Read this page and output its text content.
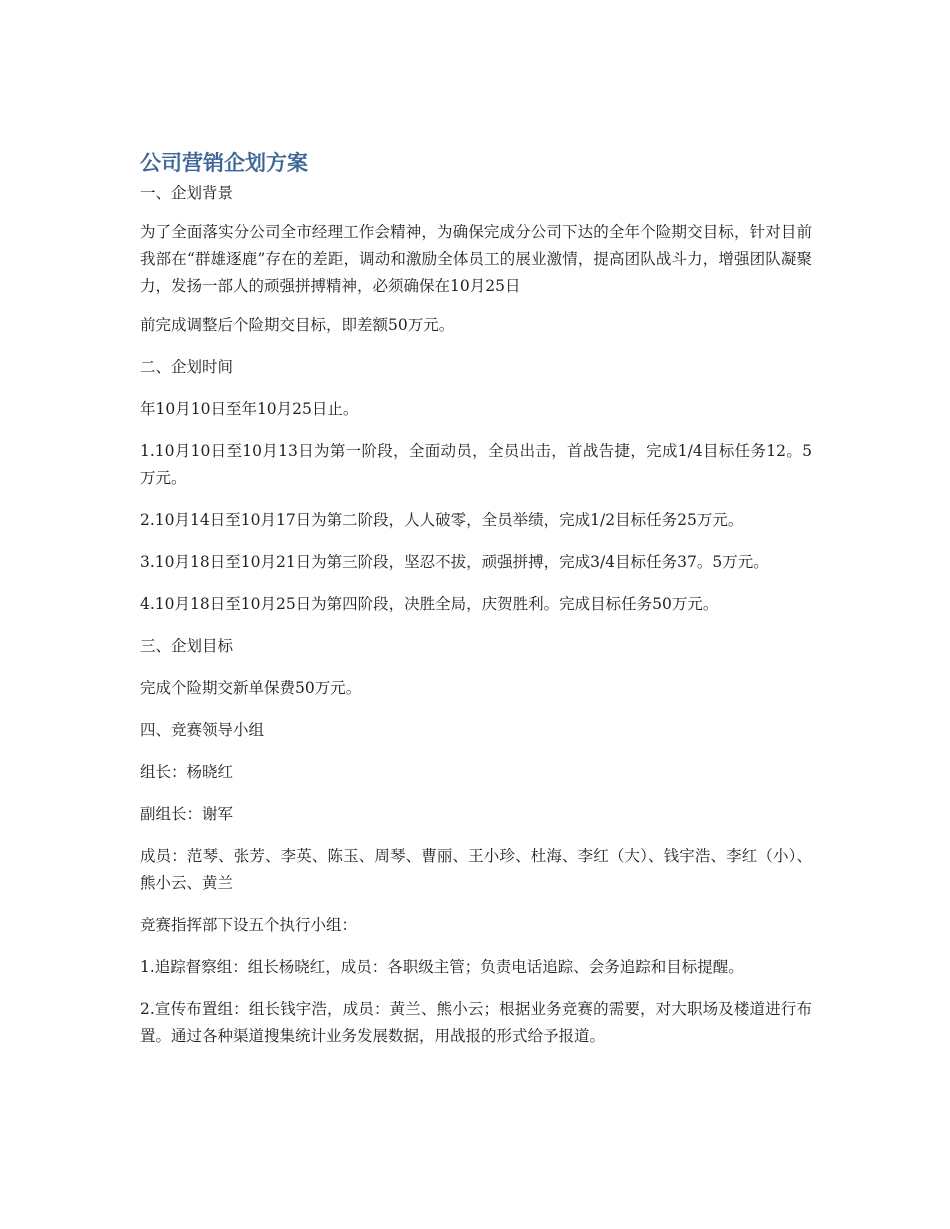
公司营销企划方案

一、企划背景

为了全面落实分公司全市经理工作会精神，为确保完成分公司下达的全年个险期交目标，针对目前我部在“群雄逐鹿”存在的差距，调动和激励全体员工的展业激情，提高团队战斗力，增强团队凝聚力，发扬一部人的顽强拼搏精神，必须确保在10月25日

前完成调整后个险期交目标，即差额50万元。

二、企划时间

年10月10日至年10月25日止。

1.10月10日至10月13日为第一阶段，全面动员，全员出击，首战告捷，完成1/4目标任务12。5万元。

2.10月14日至10月17日为第二阶段，人人破零，全员举绩，完成1/2目标任务25万元。

3.10月18日至10月21日为第三阶段，坚忍不拔，顽强拼搏，完成3/4目标任务37。5万元。

4.10月18日至10月25日为第四阶段，决胜全局，庆贺胜利。完成目标任务50万元。

三、企划目标

完成个险期交新单保费50万元。

四、竞赛领导小组

组长：杨晓红

副组长：谢军

成员：范琴、张芳、李英、陈玉、周琴、曹丽、王小珍、杜海、李红（大）、钱宇浩、李红（小）、熊小云、黄兰

竞赛指挥部下设五个执行小组：

1.追踪督察组：组长杨晓红，成员：各职级主管；负责电话追踪、会务追踪和目标提醒。

2.宣传布置组：组长钱宇浩，成员：黄兰、熊小云；根据业务竞赛的需要，对大职场及楼道进行布置。通过各种渠道搜集统计业务发展数据，用战报的形式给予报道。
